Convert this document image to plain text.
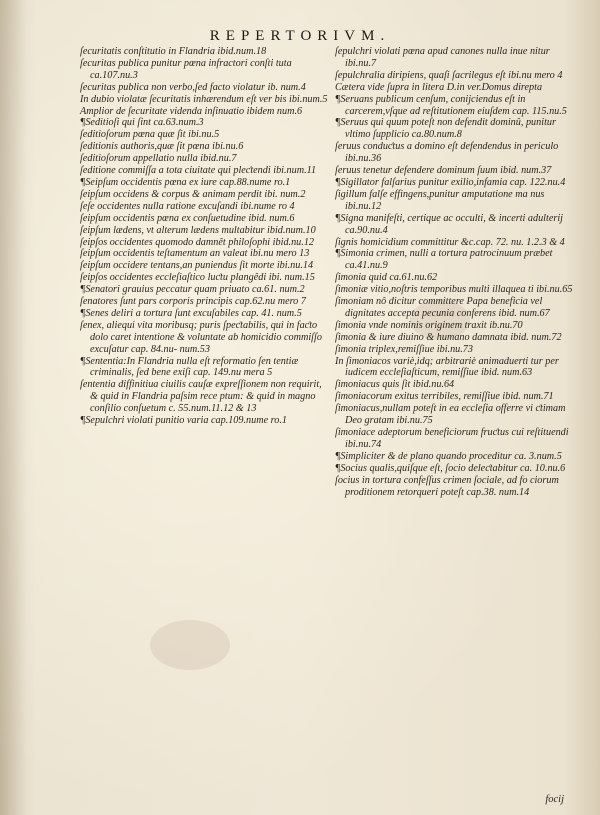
REPERTORIVM.

ſecuritatis conſtitutio in Flandria ibid.num.18

ſecuritas publica punitur pœna infractori conſti tuta ca.107.nu.3

ſecuritas publica non verbo,ſed facto violatur ib. num.4

In dubio violatæ ſecuritatis inhærendum eſt ver bis ibi.num.5

Amplior de ſecuritate videnda inſinuatio ibidem num.6

¶Seditioſi qui ſint ca.63.num.3

ſeditioſorum pœna quæ ſit ibi.nu.5

ſeditionis authoris,quæ ſit pœna ibi.nu.6

ſeditioſorum appellatio nulla ibid.nu.7

ſeditione commiſſa a tota ciuitate qui pleƈtendi ibi.num.11

¶Seipſum occidentis pœna ex iure cap.88.nume ro.1

ſeipſum occidens & corpus & animam perdit ibi. num.2

ſeſe occidentes nulla ratione excuſandi ibi.nume ro 4

ſeipſum occidentis pœna ex conſuetudine ibid. num.6

ſeipſum lædens, vt alterum lædens multabitur ibid.num.10

ſeipſos occidentes quomodo damnêt philoſophi ibid.nu.12

ſeipſum occidentis teſtamentum an valeat ibi.nu mero 13

ſeipſum occidere tentans,an puniendus ſit morte ibi.nu.14

ſeipſos occidentes eccleſiaſtico luƈtu plangêdi ibi. num.15

¶Senatori grauius peccatur quam priuato ca.61. num.2

ſenatores ſunt pars corporis principis cap.62.nu mero 7

¶Senes deliri a tortura ſunt excuſabiles cap. 41. num.5

ſenex, aliequi vita moribusq; puris ſpeƈtabilis, qui in faƈto dolo caret intentione & voluntate ab homicidio commiſſo excuſatur cap. 84.nu- num.53

¶Sententia:In Flandria nulla eſt reformatio ſen tentiæ criminalis, ſed bene exiſi cap. 149.nu mera 5

ſententia diffinitiua ciuilis cauſæ expreſſionem non requirit, & quid in Flandria paſsim rece ptum: & quid in magno conſilio conſuetum c. 55.num.11.12 & 13

¶Sepulchri violati punitio varia cap.109.nume ro.1

ſepulchri violati pœna apud canones nulla inue nitur ibi.nu.7

ſepulchralia diripiens, quaſi ſacrilegus eſt ibi.nu mero 4

Cætera vide ſupra in litera D.in ver.Domus direpta

¶Seruans publicum cenſum, conijciendus eſt in carcerem,vſque ad reſtitutionem eiuſdem cap. 115.nu.5

¶Seruus qui quum poteſt non defendit dominû, punitur vltimo ſupplicio ca.80.num.8

ſeruus conduƈtus a domino eſt defendendus in periculo ibi.nu.36

ſeruus tenetur defendere dominum ſuum ibid. num.37

¶Sigillator falſarius punitur exilio,infamia cap. 122.nu.4

ſigillum falſe effingens,punitur amputatione ma nus ibi.nu.12

¶Signa manifeſti, certique ac occulti, & incerti adulterij ca.90.nu.4

ſignis homicidium committitur &c.cap. 72. nu. 1.2.3 & 4

¶Simonia crimen, nulli a tortura patrocinuum præbet ca.41.nu.9

ſimonia quid ca.61.nu.62

ſimoniæ vitio,noſtris temporibus multi illaquea ti ibi.nu.65

ſimoniam nô dicitur committere Papa beneficia vel dignitates accepta pecunia conferens ibid. num.67

ſimonia vnde nominis originem traxit ib.nu.70

ſimonia & iure diuino & humano damnata ibid. num.72

ſimonia triplex,remiſſiue ibi.nu.73

In ſimoniacos variè,idq; arbitrariè animaduerti tur per iudicem eccleſiaſticum, remiſſiue ibid. num.63

ſimoniacus quis ſit ibid.nu.64

ſimoniacorum exitus terribiles, remiſſiue ibid. num.71

ſimoniacus,nullam poteſt in ea eccleſia offerre vi ƈtimam Deo gratam ibi.nu.75

ſimoniace adeptorum beneficiorum fruƈtus cui reſtituendi ibi.nu.74

¶Simpliciter & de plano quando proceditur ca. 3.num.5

¶Socius qualis,quiſque eſt, ſocio deleƈtabitur ca. 10.nu.6

ſocius in tortura confeſſus crimen ſociale, ad fo ciorum proditionem retorqueri poteſt cap.38. num.14

focij
